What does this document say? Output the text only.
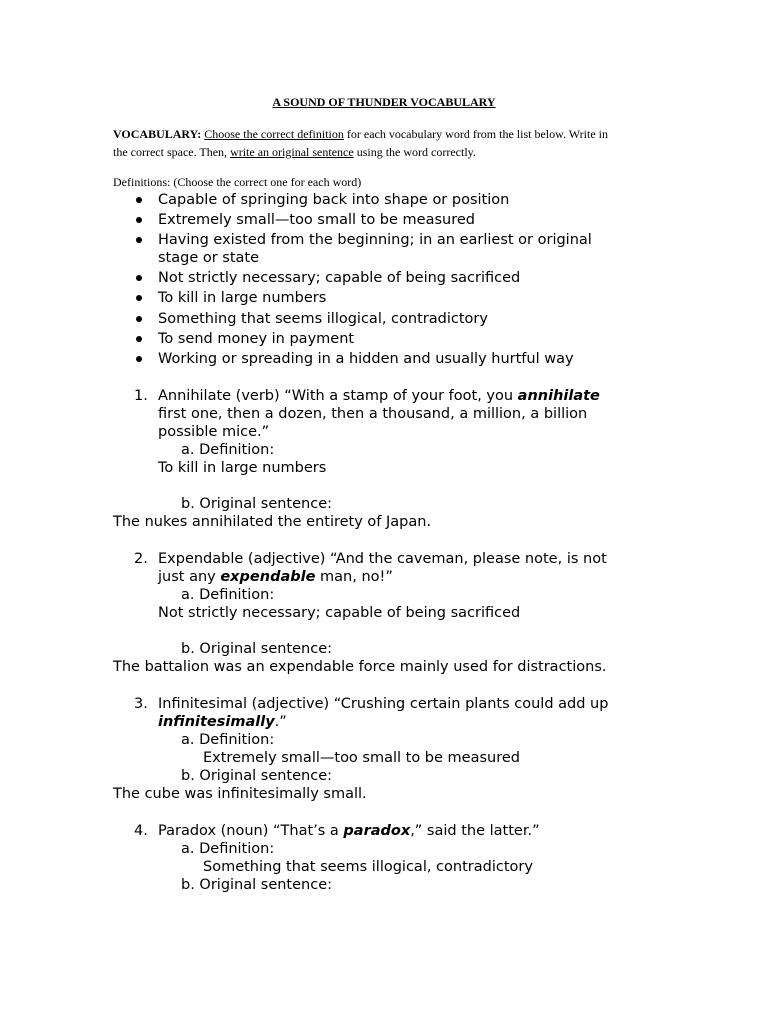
A SOUND OF THUNDER VOCABULARY
VOCABULARY: Choose the correct definition for each vocabulary word from the list below. Write in
the correct space. Then, write an original sentence using the word correctly.
Definitions: (Choose the correct one for each word)
Capable of springing back into shape or position
Extremely small—too small to be measured
Having existed from the beginning; in an earliest or original
stage or state
Not strictly necessary; capable of being sacrificed
To kill in large numbers
Something that seems illogical, contradictory
To send money in payment
Working or spreading in a hidden and usually hurtful way
1. Annihilate (verb) “With a stamp of your foot, you annihilate
first one, then a dozen, then a thousand, a million, a billion
possible mice.”
a. Definition:
To kill in large numbers
b. Original sentence:
The nukes annihilated the entirety of Japan.
2. Expendable (adjective) “And the caveman, please note, is not
just any expendable man, no!”
a. Definition:
Not strictly necessary; capable of being sacrificed
b. Original sentence:
The battalion was an expendable force mainly used for distractions.
3. Infinitesimal (adjective) “Crushing certain plants could add up
infinitesimally.”
a. Definition:
Extremely small—too small to be measured
b. Original sentence:
The cube was infinitesimally small.
4. Paradox (noun) “That’s a paradox,” said the latter.”
a. Definition:
Something that seems illogical, contradictory
b. Original sentence:
